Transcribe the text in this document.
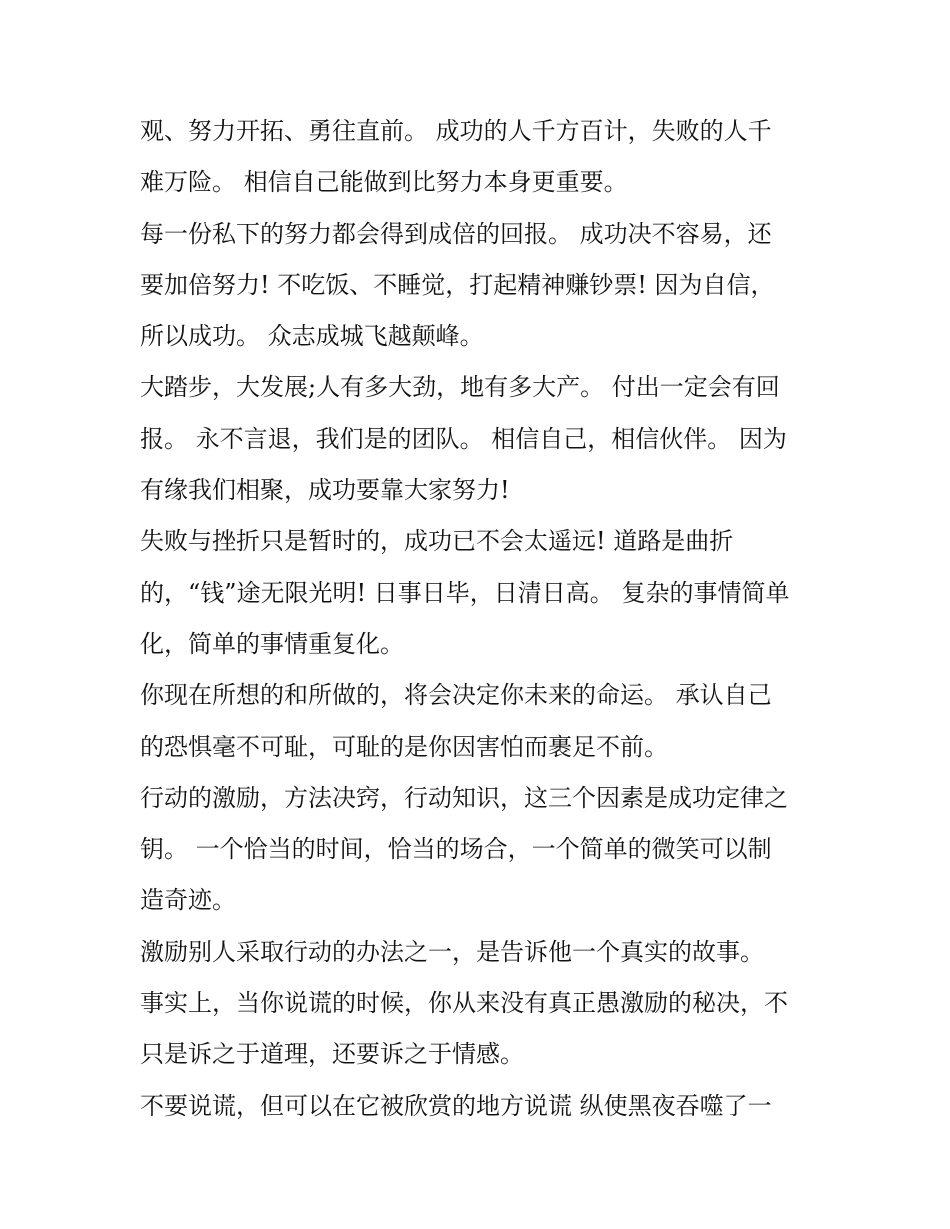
观、努力开拓、勇往直前。 成功的人千方百计，失败的人千
难万险。 相信自己能做到比努力本身更重要。
每一份私下的努力都会得到成倍的回报。 成功决不容易，还
要加倍努力! 不吃饭、不睡觉，打起精神赚钞票! 因为自信，
所以成功。 众志成城飞越颠峰。
大踏步，大发展;人有多大劲，地有多大产。 付出一定会有回
报。 永不言退，我们是的团队。 相信自己，相信伙伴。 因为
有缘我们相聚，成功要靠大家努力!
失败与挫折只是暂时的，成功已不会太遥远! 道路是曲折
的，“钱”途无限光明! 日事日毕，日清日高。 复杂的事情简单
化，简单的事情重复化。
你现在所想的和所做的，将会决定你未来的命运。 承认自己
的恐惧毫不可耻，可耻的是你因害怕而裹足不前。
行动的激励，方法决窍，行动知识，这三个因素是成功定律之
钥。 一个恰当的时间，恰当的场合，一个简单的微笑可以制
造奇迹。
激励别人采取行动的办法之一，是告诉他一个真实的故事。
事实上，当你说谎的时候，你从来没有真正愚激励的秘决，不
只是诉之于道理，还要诉之于情感。
不要说谎，但可以在它被欣赏的地方说谎 纵使黑夜吞噬了一
